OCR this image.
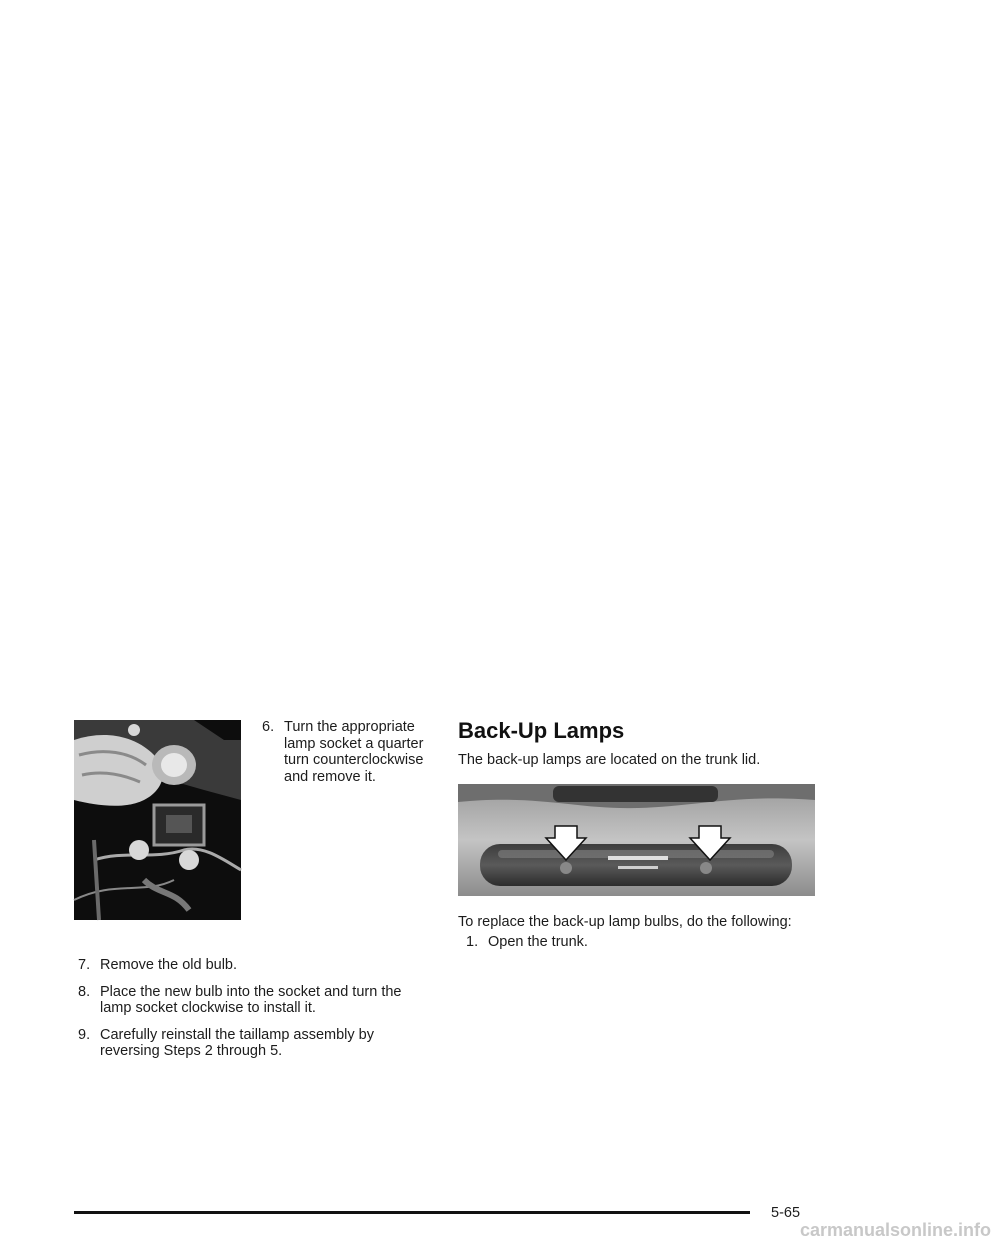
6. Turn the appropriate lamp socket a quarter turn counterclockwise and remove it.

7. Remove the old bulb.

8. Place the new bulb into the socket and turn the lamp socket clockwise to install it.

9. Carefully reinstall the taillamp assembly by reversing Steps 2 through 5.

Back-Up Lamps

The back-up lamps are located on the trunk lid.

To replace the back-up lamp bulbs, do the following:

1. Open the trunk.

5-65
carmanualsonline.info
